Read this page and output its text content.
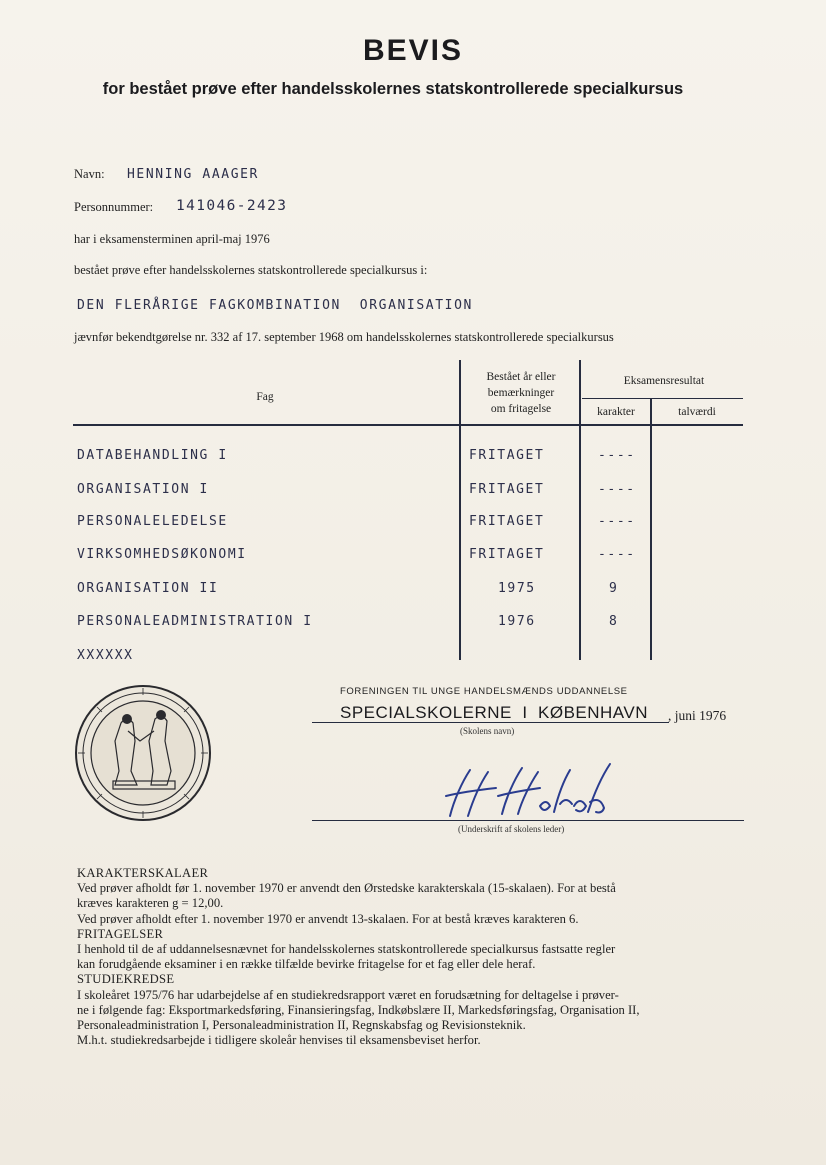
BEVIS
for bestået prøve efter handelsskolernes statskontrollerede specialkursus
Navn: HENNING AAAGER
Personnummer: 141046-2423
har i eksamensterminen april-maj 1976
bestået prøve efter handelsskolernes statskontrollerede specialkursus i:
DEN FLERÅRIGE FAGKOMBINATION  ORGANISATION
jævnfør bekendtgørelse nr. 332 af 17. september 1968 om handelsskolernes statskontrollerede specialkursus
Fag
Bestået år eller
bemærkninger
om fritagelse
Eksamensresultat
karakter	talværdi
DATABEHANDLING I	FRITAGET	----
ORGANISATION I	FRITAGET	----
PERSONALELEDELSE	FRITAGET	----
VIRKSOMHEDSØKONOMI	FRITAGET	----
ORGANISATION II	1975	9
PERSONALEADMINISTRATION I	1976	8
XXXXXX
FORENINGEN TIL UNGE HANDELSMÆNDS UDDANNELSE
SPECIALSKOLERNE  I  KØBENHAVN
(Skolens navn)
, juni 1976
(Underskrift af skolens leder)
KARAKTERSKALAER
Ved prøver afholdt før 1. november 1970 er anvendt den Ørstedske karakterskala (15-skalaen). For at bestå
kræves karakteren g = 12,00.
Ved prøver afholdt efter 1. november 1970 er anvendt 13-skalaen. For at bestå kræves karakteren 6.
FRITAGELSER
I henhold til de af uddannelsesnævnet for handelsskolernes statskontrollerede specialkursus fastsatte regler
kan forudgående eksaminer i en række tilfælde bevirke fritagelse for et fag eller dele heraf.
STUDIEKREDSE
I skoleåret 1975/76 har udarbejdelse af en studiekredsrapport været en forudsætning for deltagelse i prøver-
ne i følgende fag: Eksportmarkedsføring, Finansieringsfag, Indkøbslære II, Markedsføringsfag, Organisation II,
Personaleadministration I, Personaleadministration II, Regnskabsfag og Revisionsteknik.
M.h.t. studiekredsarbejde i tidligere skoleår henvises til eksamensbeviset herfor.
